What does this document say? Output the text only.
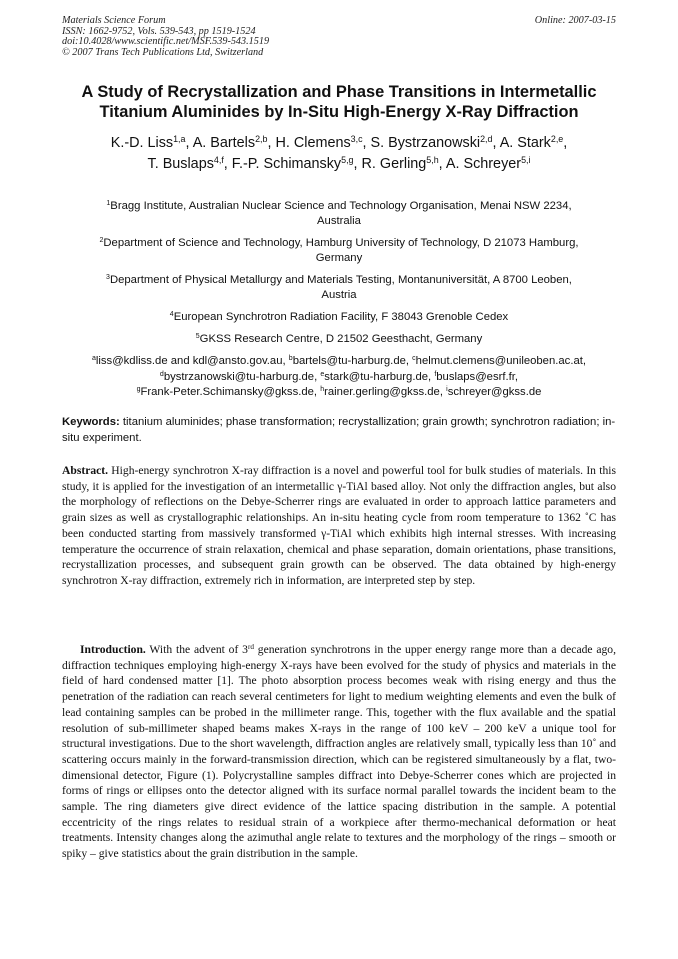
Materials Science Forum
ISSN: 1662-9752, Vols. 539-543, pp 1519-1524
doi:10.4028/www.scientific.net/MSF.539-543.1519
© 2007 Trans Tech Publications Ltd, Switzerland
Online: 2007-03-15
A Study of Recrystallization and Phase Transitions in Intermetallic
Titanium Aluminides by In-Situ High-Energy X-Ray Diffraction
K.-D. Liss$^{1,a}$, A. Bartels$^{2,b}$, H. Clemens$^{3,c}$, S. Bystrzanowski$^{2,d}$, A. Stark$^{2,e}$,
T. Buslaps$^{4,f}$, F.-P. Schimansky$^{5,g}$, R. Gerling$^{5,h}$, A. Schreyer$^{5,i}$
$^1$Bragg Institute, Australian Nuclear Science and Technology Organisation, Menai NSW 2234,
Australia
$^2$Department of Science and Technology, Hamburg University of Technology, D 21073 Hamburg,
Germany
$^3$Department of Physical Metallurgy and Materials Testing, Montanuniversität, A 8700 Leoben,
Austria
$^4$European Synchrotron Radiation Facility, F 38043 Grenoble Cedex
$^5$GKSS Research Centre, D 21502 Geesthacht, Germany
$^a$liss@kdliss.de and kdl@ansto.gov.au, $^b$bartels@tu-harburg.de, $^c$helmut.clemens@unileoben.ac.at,
$^d$bystrzanowski@tu-harburg.de, $^e$stark@tu-harburg.de, $^f$buslaps@esrf.fr,
$^g$Frank-Peter.Schimansky@gkss.de, $^h$rainer.gerling@gkss.de, $^i$schreyer@gkss.de
Keywords: titanium aluminides; phase transformation; recrystallization; grain growth; synchrotron radiation; in-situ experiment.
Abstract. High-energy synchrotron X-ray diffraction is a novel and powerful tool for bulk studies of materials. In this study, it is applied for the investigation of an intermetallic γ-TiAl based alloy. Not only the diffraction angles, but also the morphology of reflections on the Debye-Scherrer rings are evaluated in order to approach lattice parameters and grain sizes as well as crystallographic relationships. An in-situ heating cycle from room temperature to 1362 ˚C has been conducted starting from massively transformed γ-TiAl which exhibits high internal stresses. With increasing temperature the occurrence of strain relaxation, chemical and phase separation, domain orientations, phase transitions, recrystallization processes, and subsequent grain growth can be observed. The data obtained by high-energy synchrotron X-ray diffraction, extremely rich in information, are interpreted step by step.
Introduction. With the advent of 3rd generation synchrotrons in the upper energy range more than a decade ago, diffraction techniques employing high-energy X-rays have been evolved for the study of physics and materials in the field of hard condensed matter [1]. The photo absorption process becomes weak with rising energy and thus the penetration of the radiation can reach several centimeters for light to medium weighting elements and even the bulk of lead containing samples can be probed in the millimeter range. This, together with the flux available and the spatial resolution of sub-millimeter shaped beams makes X-rays in the range of 100 keV – 200 keV a unique tool for structural investigations. Due to the short wavelength, diffraction angles are relatively small, typically less than 10˚ and scattering occurs mainly in the forward-transmission direction, which can be registered simultaneously by a flat, two-dimensional detector, Figure (1). Polycrystalline samples diffract into Debye-Scherrer cones which are projected in forms of rings or ellipses onto the detector aligned with its surface normal parallel towards the incident beam to the sample. The ring diameters give direct evidence of the lattice spacing distribution in the sample. A potential eccentricity of the rings relates to residual strain of a workpiece after thermo-mechanical deformation or heat treatments. Intensity changes along the azimuthal angle relate to textures and the morphology of the rings – smooth or spiky – give statistics about the grain distribution in the sample.
